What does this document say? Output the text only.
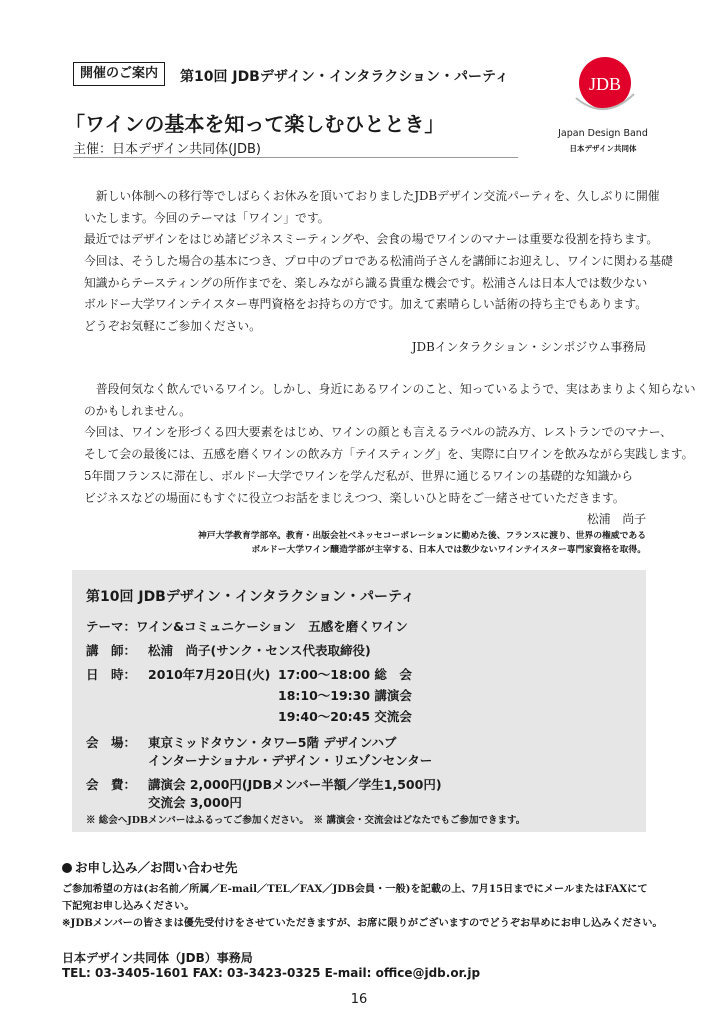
開催のご案内	第10回 JDBデザイン・インタラクション・パーティ
「ワインの基本を知って楽しむひととき」
主催：日本デザイン共同体(JDB)
JDB
Japan Design Band
日本デザイン共同体
　新しい体制への移行等でしばらくお休みを頂いておりましたJDBデザイン交流パーティを、久しぶりに開催
いたします。今回のテーマは「ワイン」です。
最近ではデザインをはじめ諸ビジネスミーティングや、会食の場でワインのマナーは重要な役割を持ちます。
今回は、そうした場合の基本につき、プロ中のプロである松浦尚子さんを講師にお迎えし、ワインに関わる基礎
知識からテースティングの所作までを、楽しみながら識る貴重な機会です。松浦さんは日本人では数少ない
ボルドー大学ワインテイスター専門資格をお持ちの方です。加えて素晴らしい話術の持ち主でもあります。
どうぞお気軽にご参加ください。
JDBインタラクション・シンポジウム事務局
　普段何気なく飲んでいるワイン。しかし、身近にあるワインのこと、知っているようで、実はあまりよく知らない
のかもしれません。
今回は、ワインを形づくる四大要素をはじめ、ワインの顔とも言えるラベルの読み方、レストランでのマナー、
そして会の最後には、五感を磨くワインの飲み方「テイスティング」を、実際に白ワインを飲みながら実践します。
5年間フランスに滞在し、ボルドー大学でワインを学んだ私が、世界に通じるワインの基礎的な知識から
ビジネスなどの場面にもすぐに役立つお話をまじえつつ、楽しいひと時をご一緒させていただきます。
松浦　尚子
神戸大学教育学部卒。教育・出版会社ベネッセコーポレーションに勤めた後、フランスに渡り、世界の権威である
ボルドー大学ワイン醸造学部が主宰する、日本人では数少ないワインテイスター専門家資格を取得。
第10回 JDBデザイン・インタラクション・パーティ
テーマ：ワイン&コミュニケーション　五感を磨くワイン
講　師： 松浦　尚子(サンク・センス代表取締役)
日　時： 2010年7月20日(火) 17:00～18:00 総　会
18:10～19:30 講演会
19:40～20:45 交流会
会　場： 東京ミッドタウン・タワー5階 デザインハブ
インターナショナル・デザイン・リエゾンセンター
会　費： 講演会 2,000円(JDBメンバー半額／学生1,500円)
交流会 3,000円
※ 総会へJDBメンバーはふるってご参加ください。　※ 講演会・交流会はどなたでもご参加できます。
お申し込み／お問い合わせ先
ご参加希望の方は(お名前／所属／E-mail／TEL／FAX／JDB会員・一般)を記載の上、7月15日までにメールまたはFAXにて
下記宛お申し込みください。
※JDBメンバーの皆さまは優先受付けをさせていただきますが、お席に限りがございますのでどうぞお早めにお申し込みください。
日本デザイン共同体（JDB）事務局
TEL: 03-3405-1601 FAX: 03-3423-0325 E-mail: office@jdb.or.jp
16
